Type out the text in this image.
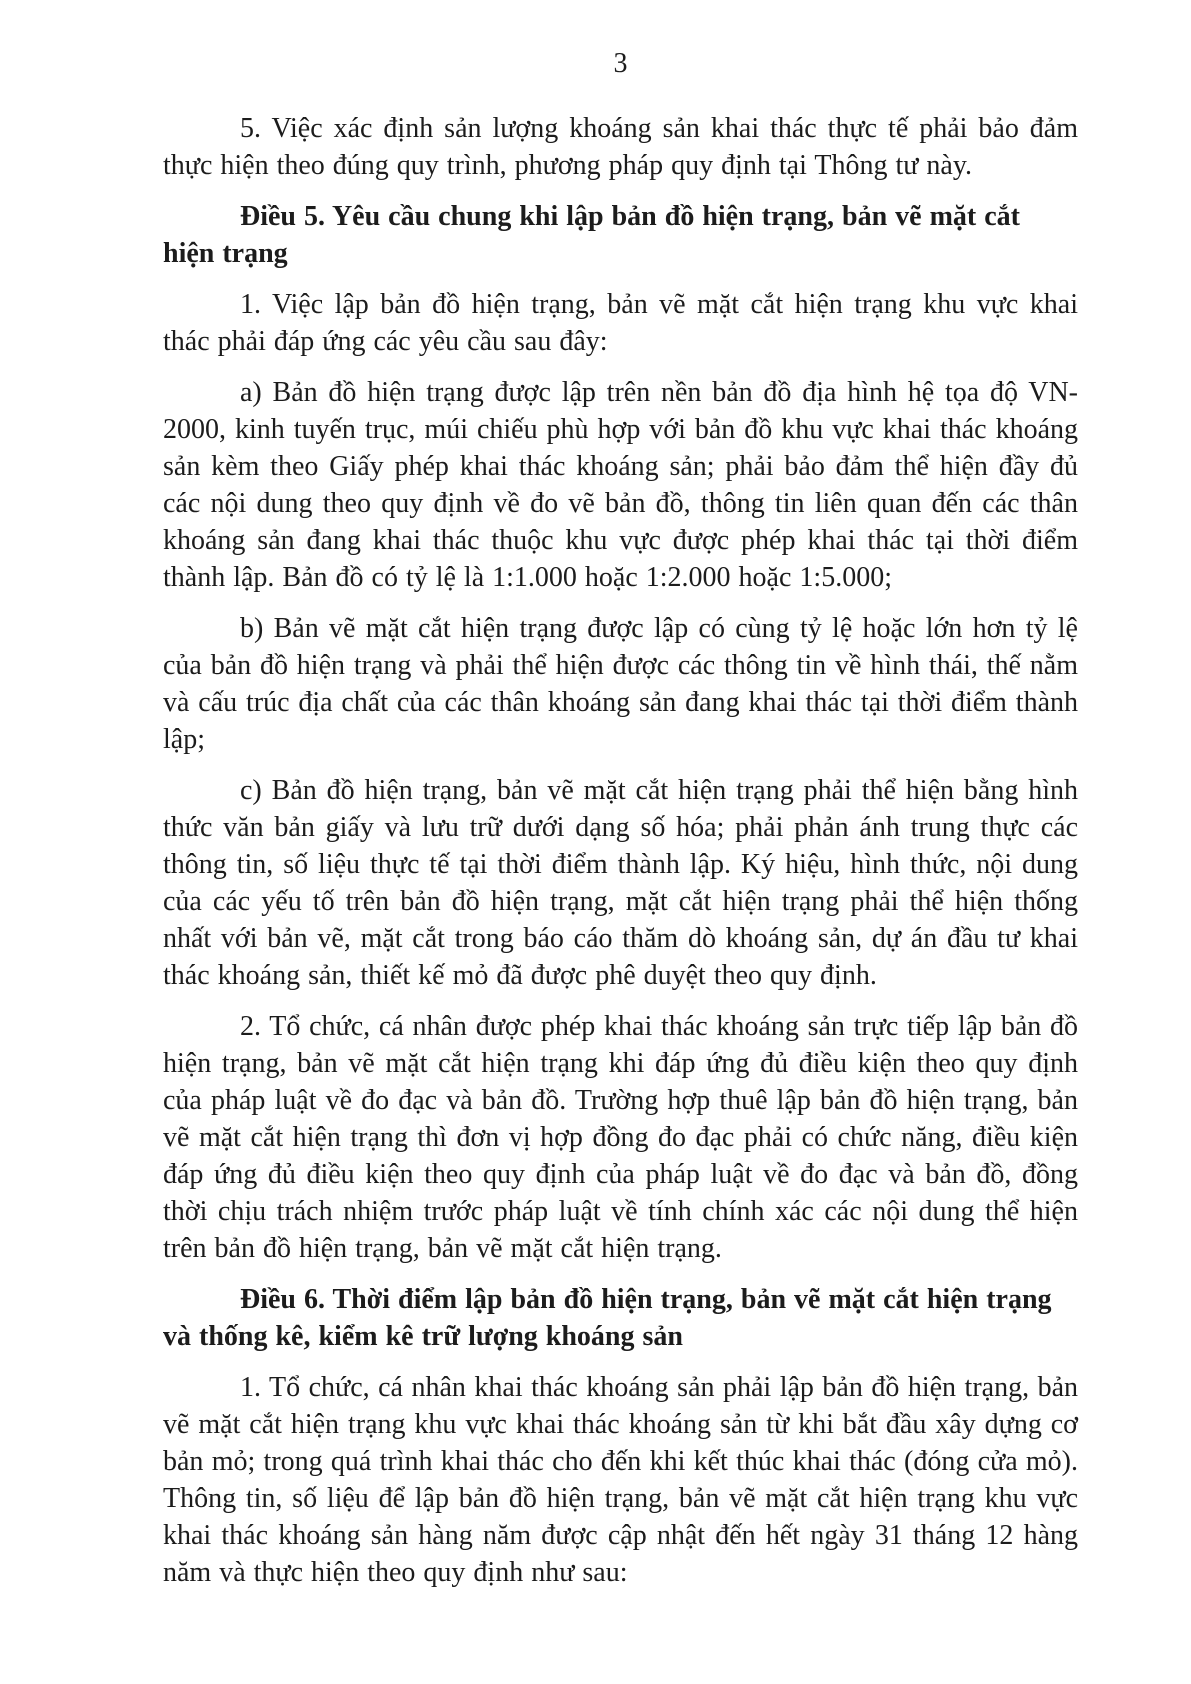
3

5. Việc xác định sản lượng khoáng sản khai thác thực tế phải bảo đảm thực hiện theo đúng quy trình, phương pháp quy định tại Thông tư này.

Điều 5. Yêu cầu chung khi lập bản đồ hiện trạng, bản vẽ mặt cắt hiện trạng

1. Việc lập bản đồ hiện trạng, bản vẽ mặt cắt hiện trạng khu vực khai thác phải đáp ứng các yêu cầu sau đây:

a) Bản đồ hiện trạng được lập trên nền bản đồ địa hình hệ tọa độ VN-2000, kinh tuyến trục, múi chiếu phù hợp với bản đồ khu vực khai thác khoáng sản kèm theo Giấy phép khai thác khoáng sản; phải bảo đảm thể hiện đầy đủ các nội dung theo quy định về đo vẽ bản đồ, thông tin liên quan đến các thân khoáng sản đang khai thác thuộc khu vực được phép khai thác tại thời điểm thành lập. Bản đồ có tỷ lệ là 1:1.000 hoặc 1:2.000 hoặc 1:5.000;

b) Bản vẽ mặt cắt hiện trạng được lập có cùng tỷ lệ hoặc lớn hơn tỷ lệ của bản đồ hiện trạng và phải thể hiện được các thông tin về hình thái, thế nằm và cấu trúc địa chất của các thân khoáng sản đang khai thác tại thời điểm thành lập;

c) Bản đồ hiện trạng, bản vẽ mặt cắt hiện trạng phải thể hiện bằng hình thức văn bản giấy và lưu trữ dưới dạng số hóa; phải phản ánh trung thực các thông tin, số liệu thực tế tại thời điểm thành lập. Ký hiệu, hình thức, nội dung của các yếu tố trên bản đồ hiện trạng, mặt cắt hiện trạng phải thể hiện thống nhất với bản vẽ, mặt cắt trong báo cáo thăm dò khoáng sản, dự án đầu tư khai thác khoáng sản, thiết kế mỏ đã được phê duyệt theo quy định.

2. Tổ chức, cá nhân được phép khai thác khoáng sản trực tiếp lập bản đồ hiện trạng, bản vẽ mặt cắt hiện trạng khi đáp ứng đủ điều kiện theo quy định của pháp luật về đo đạc và bản đồ. Trường hợp thuê lập bản đồ hiện trạng, bản vẽ mặt cắt hiện trạng thì đơn vị hợp đồng đo đạc phải có chức năng, điều kiện đáp ứng đủ điều kiện theo quy định của pháp luật về đo đạc và bản đồ, đồng thời chịu trách nhiệm trước pháp luật về tính chính xác các nội dung thể hiện trên bản đồ hiện trạng, bản vẽ mặt cắt hiện trạng.

Điều 6. Thời điểm lập bản đồ hiện trạng, bản vẽ mặt cắt hiện trạng và thống kê, kiểm kê trữ lượng khoáng sản

1. Tổ chức, cá nhân khai thác khoáng sản phải lập bản đồ hiện trạng, bản vẽ mặt cắt hiện trạng khu vực khai thác khoáng sản từ khi bắt đầu xây dựng cơ bản mỏ; trong quá trình khai thác cho đến khi kết thúc khai thác (đóng cửa mỏ). Thông tin, số liệu để lập bản đồ hiện trạng, bản vẽ mặt cắt hiện trạng khu vực khai thác khoáng sản hàng năm được cập nhật đến hết ngày 31 tháng 12 hàng năm và thực hiện theo quy định như sau:
